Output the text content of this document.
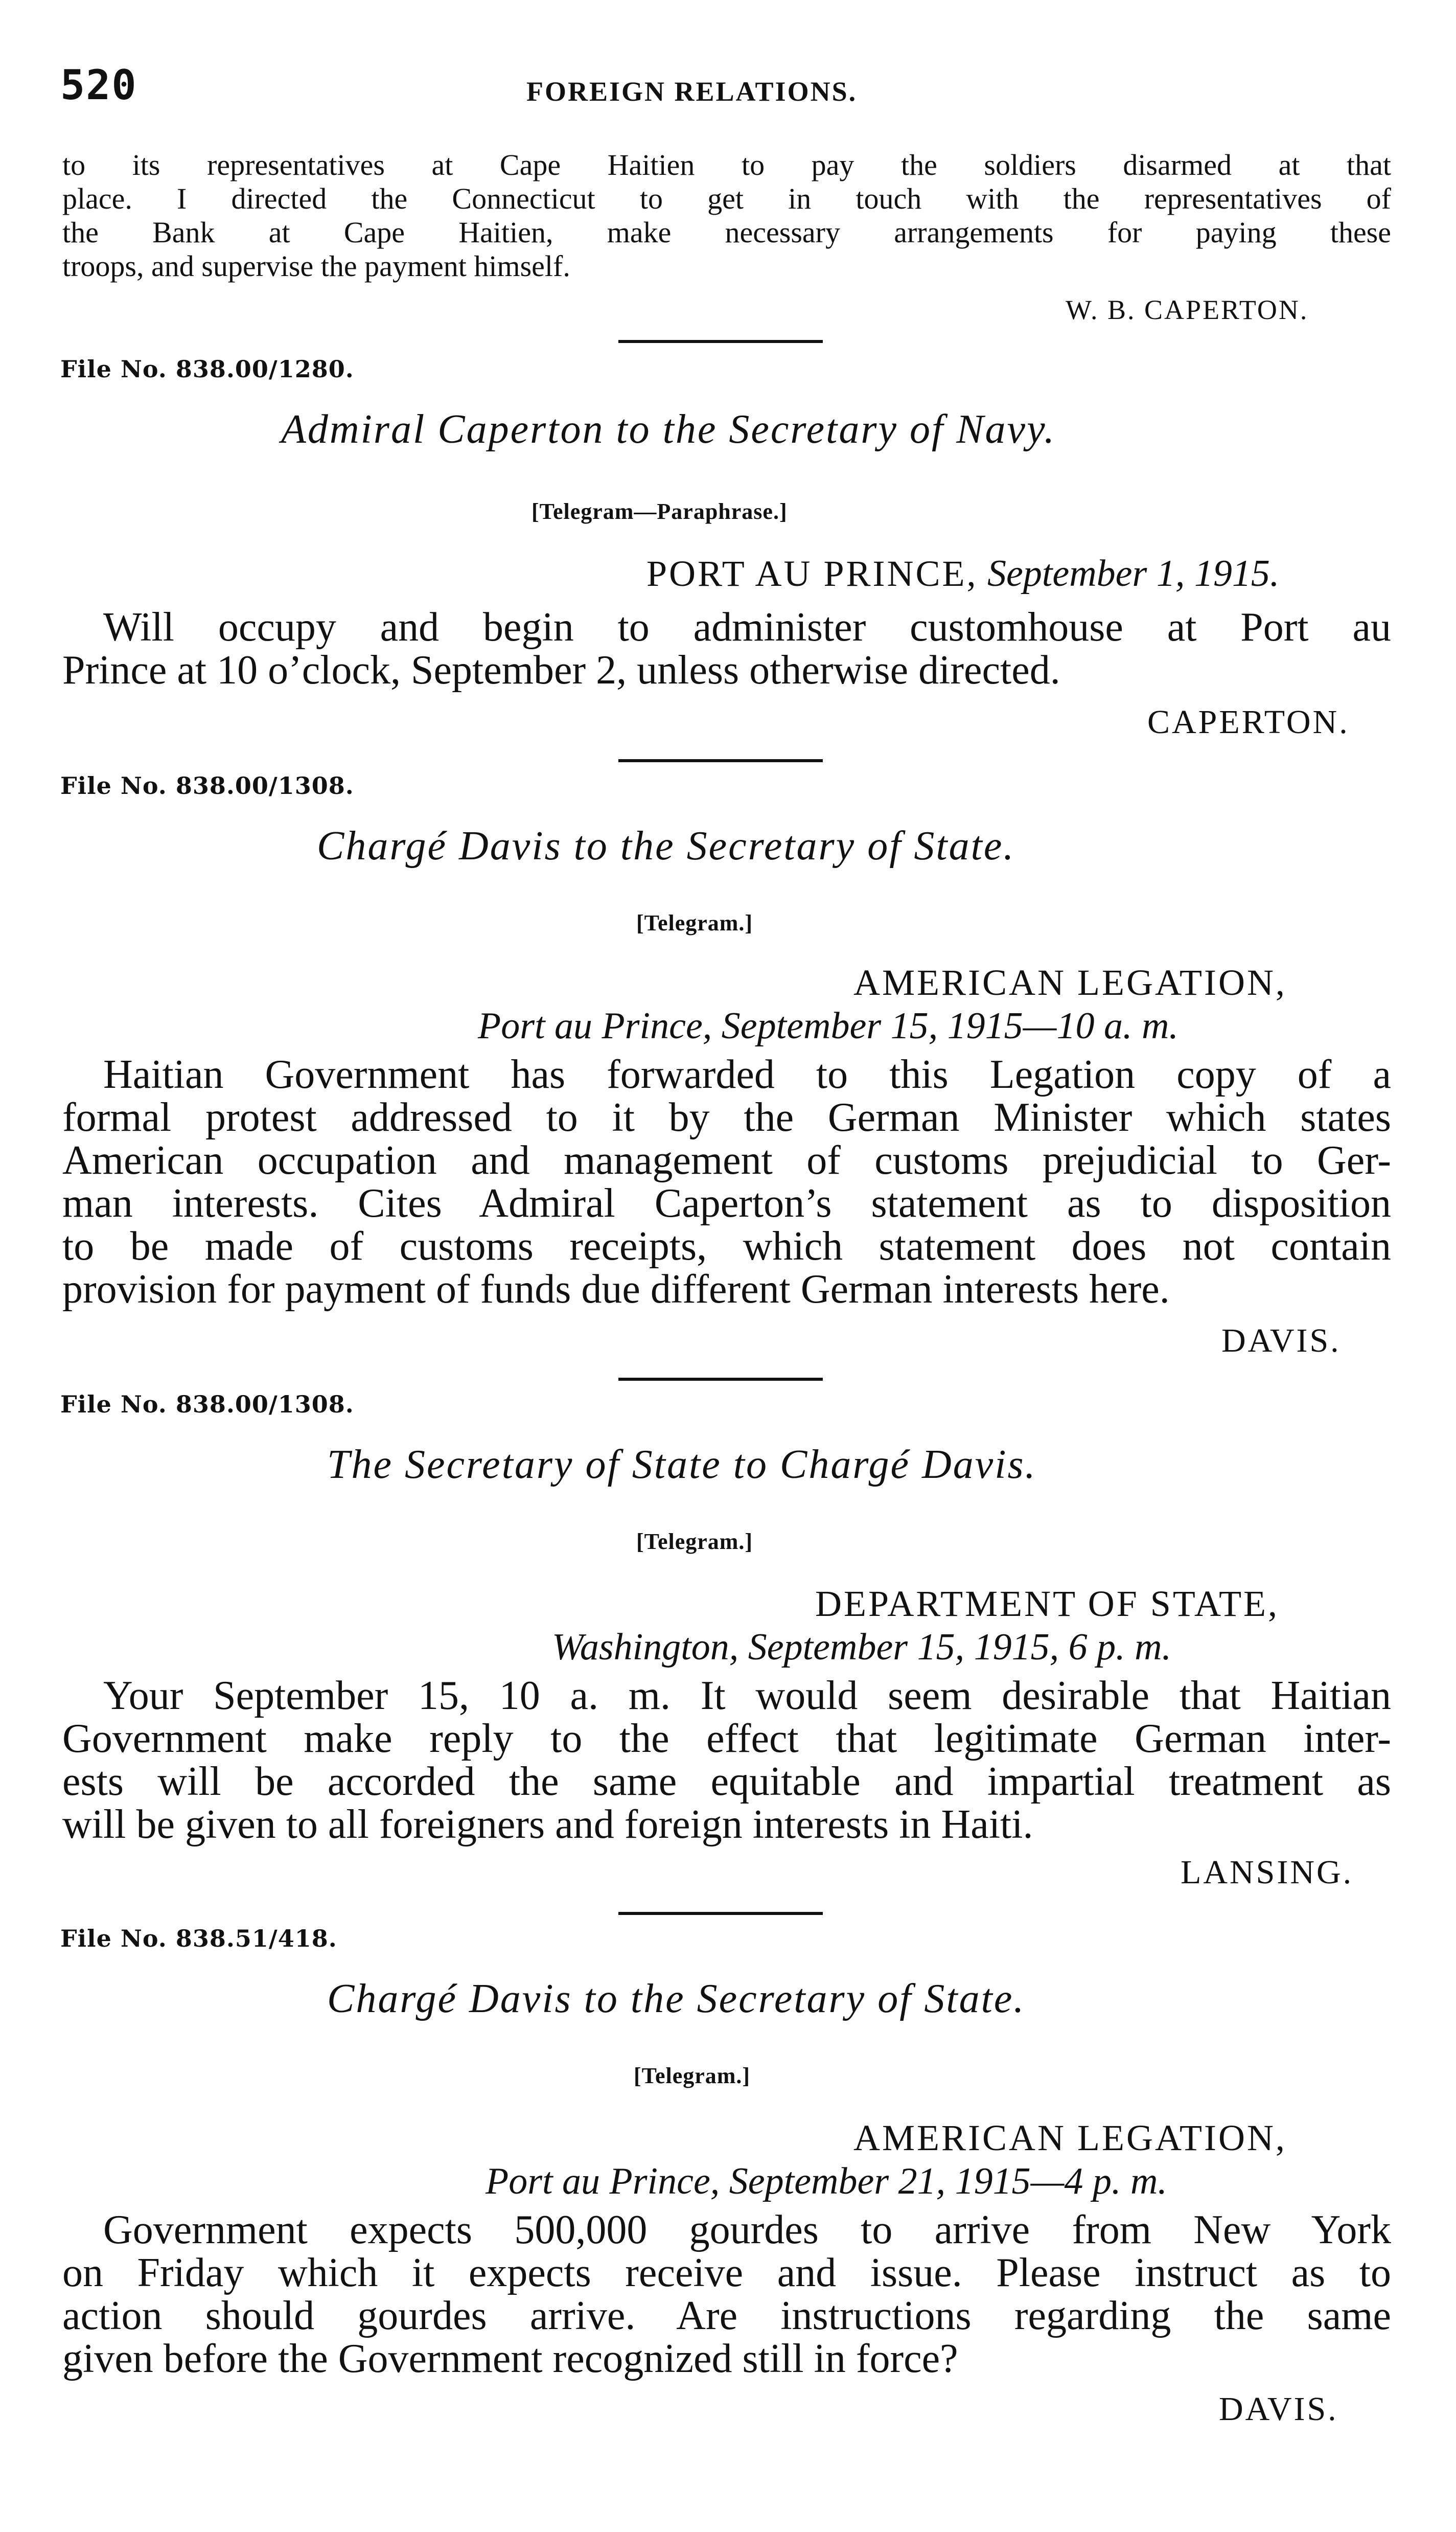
520	FOREIGN RELATIONS.
to its representatives at Cape Haitien to pay the soldiers disarmed at that
place. I directed the Connecticut to get in touch with the representatives of
the Bank at Cape Haitien, make necessary arrangements for paying these
troops, and supervise the payment himself.
W. B. CAPERTON.
File No. 838.00/1280.
Admiral Caperton to the Secretary of Navy.
[Telegram—Paraphrase.]
PORT AU PRINCE, September 1, 1915.
Will occupy and begin to administer customhouse at Port au
Prince at 10 o’clock, September 2, unless otherwise directed.
CAPERTON.
File No. 838.00/1308.
Chargé Davis to the Secretary of State.
[Telegram.]
AMERICAN LEGATION,
Port au Prince, September 15, 1915—10 a. m.
Haitian Government has forwarded to this Legation copy of a
formal protest addressed to it by the German Minister which states
American occupation and management of customs prejudicial to Ger-
man interests. Cites Admiral Caperton’s statement as to disposition
to be made of customs receipts, which statement does not contain
provision for payment of funds due different German interests here.
DAVIS.
File No. 838.00/1308.
The Secretary of State to Chargé Davis.
[Telegram.]
DEPARTMENT OF STATE,
Washington, September 15, 1915, 6 p. m.
Your September 15, 10 a. m. It would seem desirable that Haitian
Government make reply to the effect that legitimate German inter-
ests will be accorded the same equitable and impartial treatment as
will be given to all foreigners and foreign interests in Haiti.
LANSING.
File No. 838.51/418.
Chargé Davis to the Secretary of State.
[Telegram.]
AMERICAN LEGATION,
Port au Prince, September 21, 1915—4 p. m.
Government expects 500,000 gourdes to arrive from New York
on Friday which it expects receive and issue. Please instruct as to
action should gourdes arrive. Are instructions regarding the same
given before the Government recognized still in force?
DAVIS.
